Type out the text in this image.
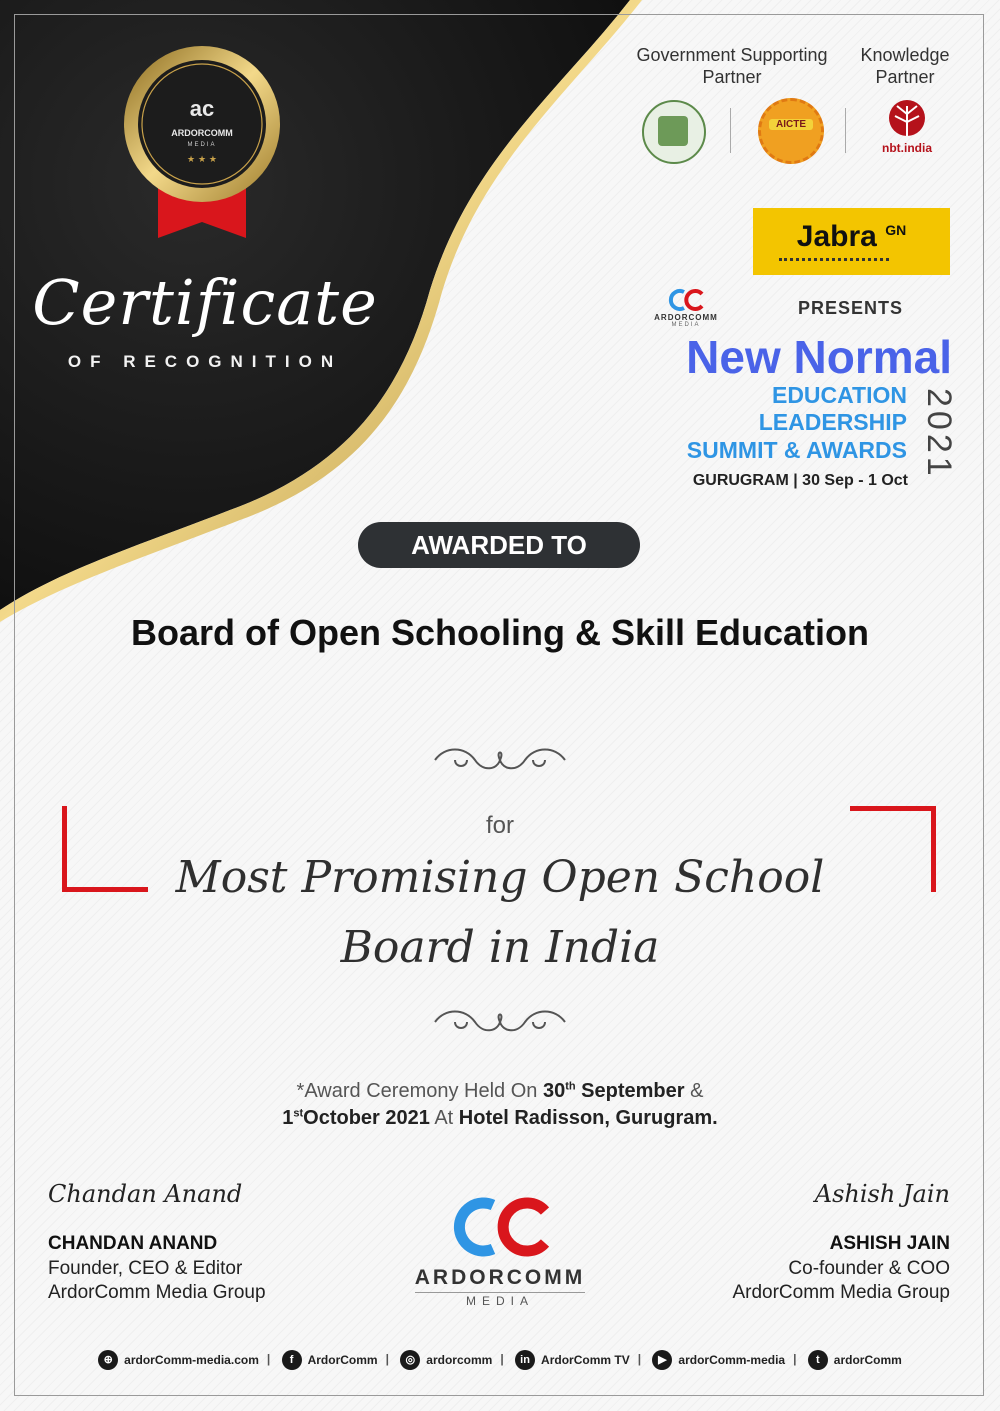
ac
ARDORCOMM
MEDIA
★ ★ ★
Certificate
OF RECOGNITION
Government Supporting
Partner
Knowledge
Partner
AICTE
nbt.india
Jabra $^{GN}$
ARDORCOMM
MEDIA
PRESENTS
New Normal
EDUCATION
LEADERSHIP
SUMMIT & AWARDS 2021
GURUGRAM | 30 Sep - 1 Oct
AWARDED TO
Board of Open Schooling & Skill Education
for
Most Promising Open School
Board in India
*Award Ceremony Held On 30th September &
1stOctober 2021 At Hotel Radisson, Gurugram.
Chandan Anand
CHANDAN ANAND
Founder, CEO & Editor
ArdorComm Media Group
Ashish Jain
ASHISH JAIN
Co-founder & COO
ArdorComm Media Group
ARDORCOMM
MEDIA
⊕ ardorComm-media.com |	f	ArdorComm |	◎ ardorcomm |	in ArdorComm TV |	▶ ardorComm-media |	t	ardorComm
